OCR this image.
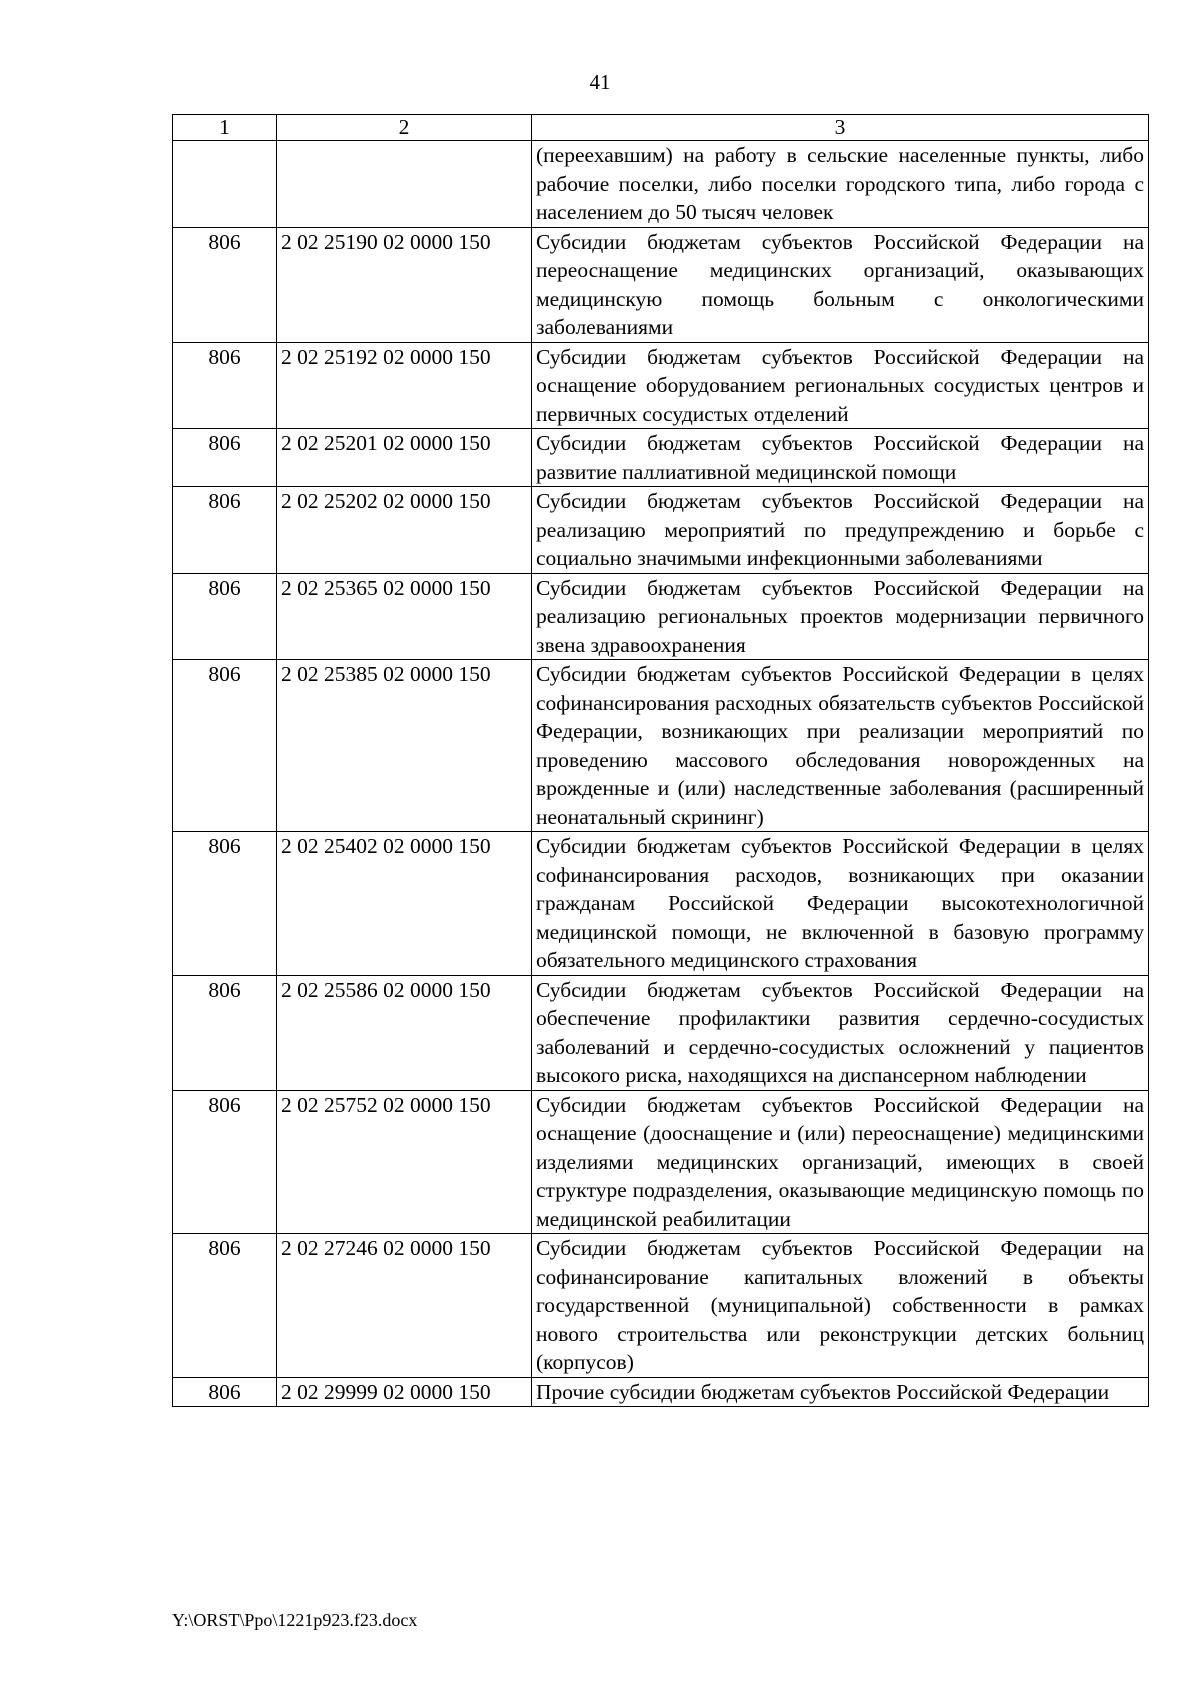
41
1	2	3
		(переехавшим) на работу в сельские населенные пункты, либо рабочие поселки, либо поселки городского типа, либо города с населением до 50 тысяч человек
806	2 02 25190 02 0000 150	Субсидии бюджетам субъектов Российской Федерации на переоснащение медицинских организаций, оказывающих медицинскую помощь больным с онкологическими заболеваниями
806	2 02 25192 02 0000 150	Субсидии бюджетам субъектов Российской Федерации на оснащение оборудованием региональных сосудистых центров и первичных сосудистых отделений
806	2 02 25201 02 0000 150	Субсидии бюджетам субъектов Российской Федерации на развитие паллиативной медицинской помощи
806	2 02 25202 02 0000 150	Субсидии бюджетам субъектов Российской Федерации на реализацию мероприятий по предупреждению и борьбе с социально значимыми инфекционными заболеваниями
806	2 02 25365 02 0000 150	Субсидии бюджетам субъектов Российской Федерации на реализацию региональных проектов модернизации первичного звена здравоохранения
806	2 02 25385 02 0000 150	Субсидии бюджетам субъектов Российской Федерации в целях софинансирования расходных обязательств субъектов Российской Федерации, возникающих при реализации мероприятий по проведению массового обследования новорожденных на врожденные и (или) наследственные заболевания (расширенный неонатальный скрининг)
806	2 02 25402 02 0000 150	Субсидии бюджетам субъектов Российской Федерации в целях софинансирования расходов, возникающих при оказании гражданам Российской Федерации высокотехнологичной медицинской помощи, не включенной в базовую программу обязательного медицинского страхования
806	2 02 25586 02 0000 150	Субсидии бюджетам субъектов Российской Федерации на обеспечение профилактики развития сердечно-сосудистых заболеваний и сердечно-сосудистых осложнений у пациентов высокого риска, находящихся на диспансерном наблюдении
806	2 02 25752 02 0000 150	Субсидии бюджетам субъектов Российской Федерации на оснащение (дооснащение и (или) переоснащение) медицинскими изделиями медицинских организаций, имеющих в своей структуре подразделения, оказывающие медицинскую помощь по медицинской реабилитации
806	2 02 27246 02 0000 150	Субсидии бюджетам субъектов Российской Федерации на софинансирование капитальных вложений в объекты государственной (муниципальной) собственности в рамках нового строительства или реконструкции детских больниц (корпусов)
806	2 02 29999 02 0000 150	Прочие субсидии бюджетам субъектов Российской Федерации
Y:\ORST\Ppo\1221p923.f23.docx
